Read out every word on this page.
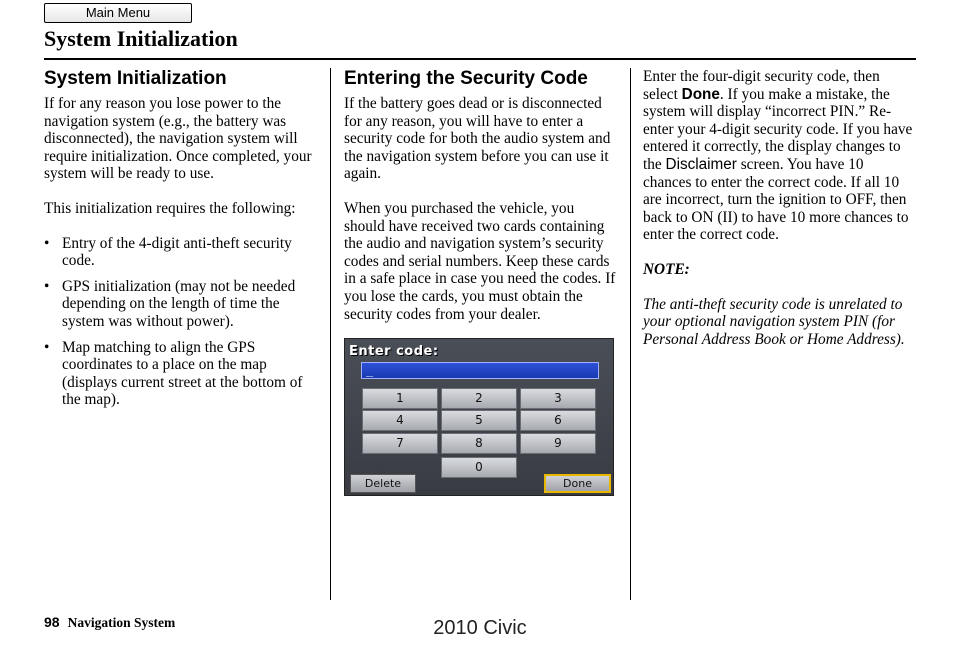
Main Menu
System Initialization
System Initialization

If for any reason you lose power to the navigation system (e.g., the battery was disconnected), the navigation system will require initialization. Once completed, your system will be ready to use.

This initialization requires the following:

• Entry of the 4-digit anti-theft security code.
• GPS initialization (may not be needed depending on the length of time the system was without power).
• Map matching to align the GPS coordinates to a place on the map (displays current street at the bottom of the map).
Entering the Security Code

If the battery goes dead or is disconnected for any reason, you will have to enter a security code for both the audio system and the navigation system before you can use it again.

When you purchased the vehicle, you should have received two cards containing the audio and navigation system’s security codes and serial numbers. Keep these cards in a safe place in case you need the codes. If you lose the cards, you must obtain the security codes from your dealer.

Enter code:
_
1	2	3
4	5	6
7	8	9
0
Delete	Done

Enter the four-digit security code, then select Done. If you make a mistake, the system will display “incorrect PIN.” Re-enter your 4-digit security code. If you have entered it correctly, the display changes to the Disclaimer screen. You have 10 chances to enter the correct code. If all 10 are incorrect, turn the ignition to OFF, then back to ON (II) to have 10 more chances to enter the correct code.

NOTE:

The anti-theft security code is unrelated to your optional navigation system PIN (for Personal Address Book or Home Address).

98 Navigation System	2010 Civic
